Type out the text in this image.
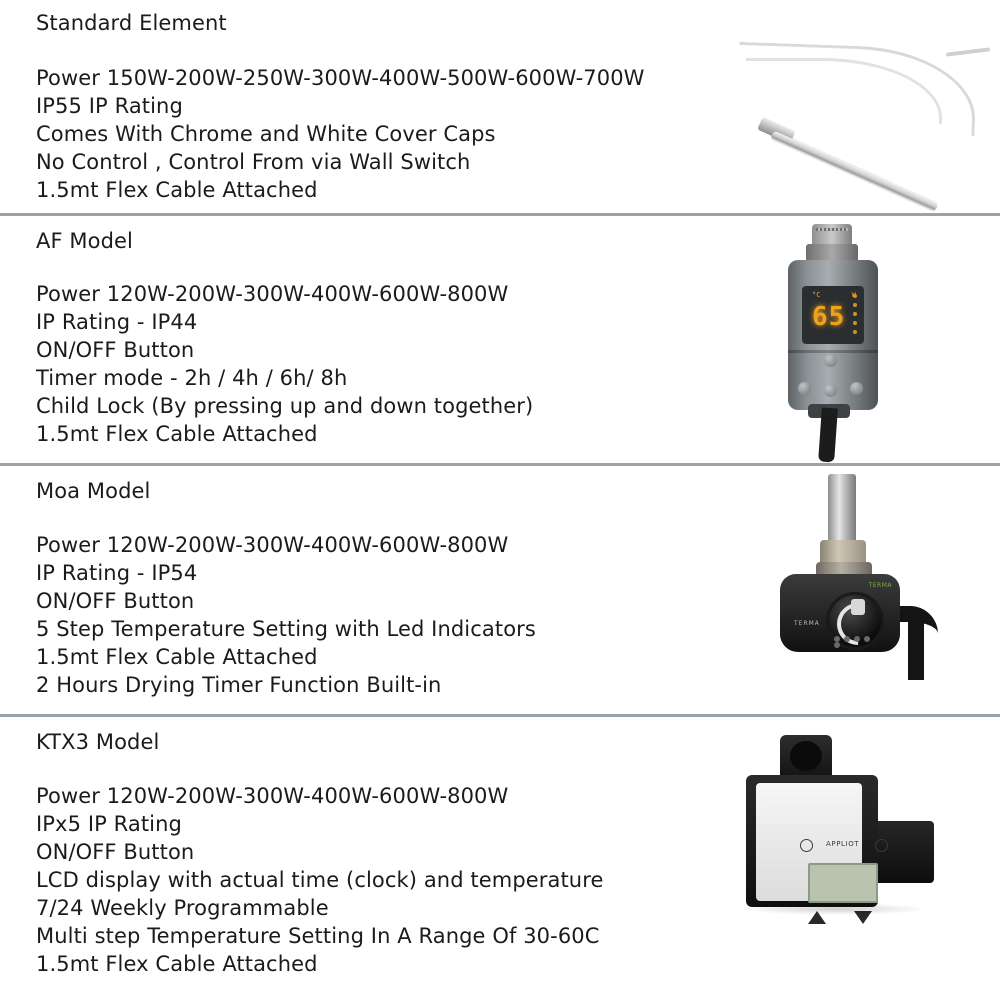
Standard Element
Power 150W-200W-250W-300W-400W-500W-600W-700W
IP55 IP Rating
Comes With Chrome and White Cover Caps
No Control , Control From via Wall Switch
1.5mt Flex Cable Attached
AF Model
Power 120W-200W-300W-400W-600W-800W
IP Rating - IP44
ON/OFF Button
Timer mode - 2h / 4h / 6h/ 8h
Child Lock (By pressing up and down together)
1.5mt Flex Cable Attached
°C
65
Moa Model
Power 120W-200W-300W-400W-600W-800W
IP Rating - IP54
ON/OFF Button
5 Step Temperature Setting with Led Indicators
1.5mt Flex Cable Attached
2 Hours Drying Timer Function Built-in
TERMA
TERMA
KTX3 Model
Power 120W-200W-300W-400W-600W-800W
IPx5 IP Rating
ON/OFF Button
LCD display with actual time (clock) and temperature
7/24 Weekly Programmable
Multi step Temperature Setting In A Range Of 30-60C
1.5mt Flex Cable Attached
APPLIOT
